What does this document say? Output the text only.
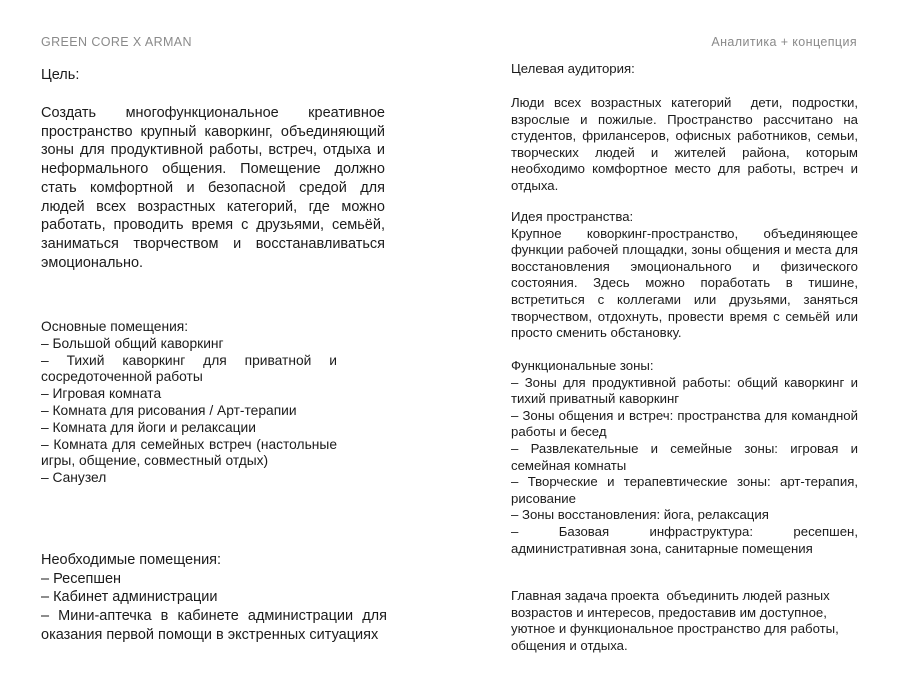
GREEN CORE X ARMAN	Аналитика + концепция
Цель:
Создать многофункциональное креативное пространство крупный каворкинг, объединяющий зоны для продуктивной работы, встреч, отдыха и неформального общения. Помещение должно стать комфортной и безопасной средой для людей всех возрастных категорий, где можно работать, проводить время с друзьями, семьёй, заниматься творчеством и восстанавливаться эмоционально.
Основные помещения:
– Большой общий каворкинг
– Тихий каворкинг для приватной и сосредоточенной работы
– Игровая комната
– Комната для рисования / Арт-терапии
– Комната для йоги и релаксации
– Комната для семейных встреч (настольные игры, общение, совместный отдых)
– Санузел
Необходимые помещения:
– Ресепшен
– Кабинет администрации
– Мини-аптечка в кабинете администрации для оказания первой помощи в экстренных ситуациях
Целевая аудитория:
Люди всех возрастных категорий  дети, подростки, взрослые и пожилые. Пространство рассчитано на студентов, фрилансеров, офисных работников, семьи, творческих людей и жителей района, которым необходимо комфортное место для работы, встреч и отдыха.
Идея пространства:
Крупное коворкинг-пространство, объединяющее функции рабочей площадки, зоны общения и места для восстановления эмоционального и физического состояния. Здесь можно поработать в тишине, встретиться с коллегами или друзьями, заняться творчеством, отдохнуть, провести время с семьёй или просто сменить обстановку.
Функциональные зоны:
– Зоны для продуктивной работы: общий каворкинг и тихий приватный каворкинг
– Зоны общения и встреч: пространства для командной работы и бесед
– Развлекательные и семейные зоны: игровая и семейная комнаты
– Творческие и терапевтические зоны: арт-терапия, рисование
– Зоны восстановления: йога, релаксация
– Базовая инфраструктура: ресепшен, административная зона, санитарные помещения
Главная задача проекта  объединить людей разных возрастов и интересов, предоставив им доступное, уютное и функциональное пространство для работы, общения и отдыха.
